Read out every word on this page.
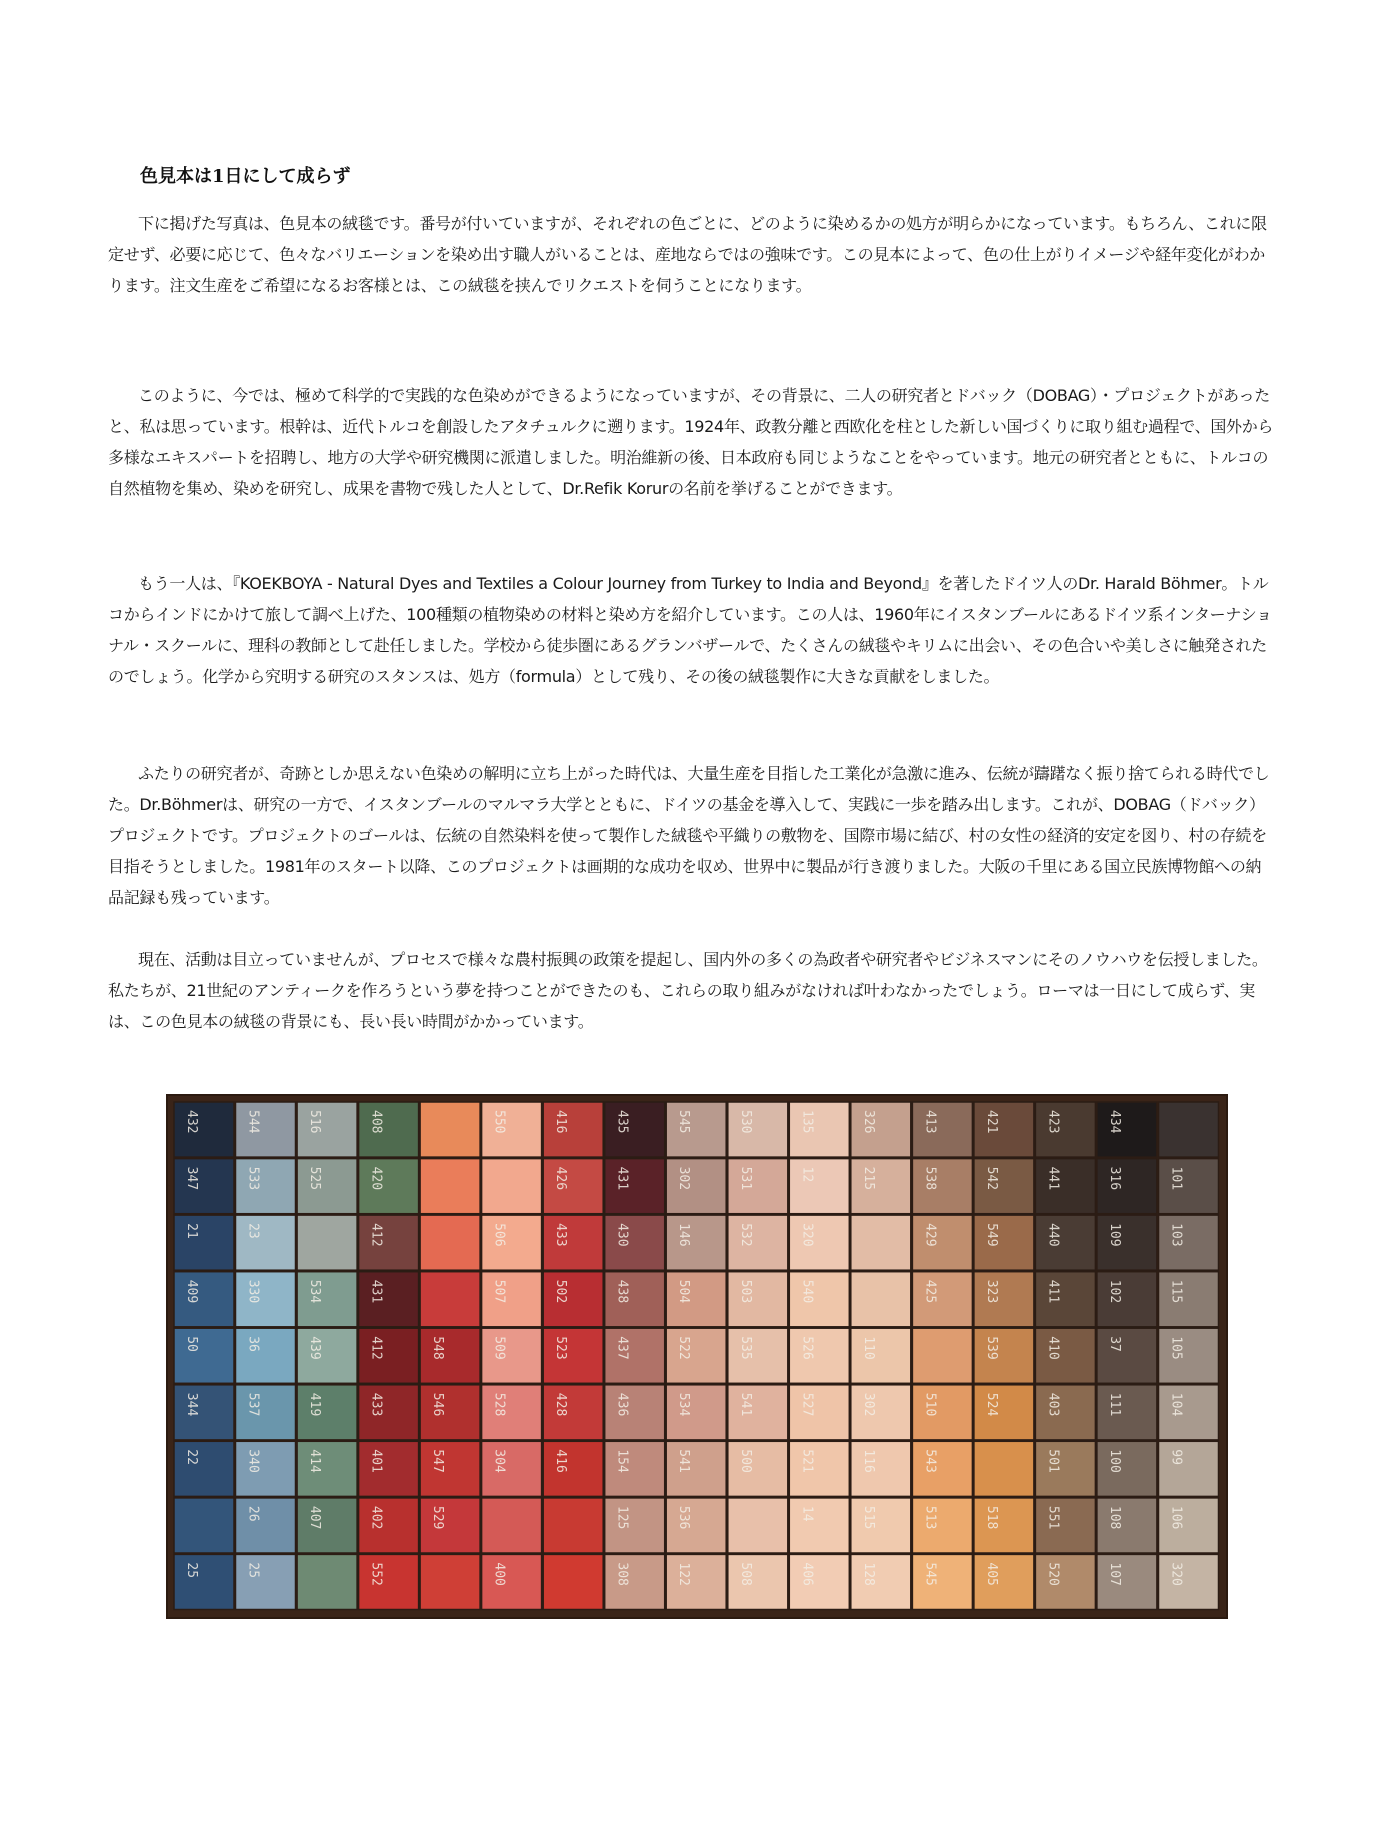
色見本は1日にして成らず

下に掲げた写真は、色見本の絨毯です。番号が付いていますが、それぞれの色ごとに、どのように染めるかの処方が明らかになっています。もちろん、これに限定せず、必要に応じて、色々なバリエーションを染め出す職人がいることは、産地ならではの強味です。この見本によって、色の仕上がりイメージや経年変化がわかります。注文生産をご希望になるお客様とは、この絨毯を挟んでリクエストを伺うことになります。

このように、今では、極めて科学的で実践的な色染めができるようになっていますが、その背景に、二人の研究者とドバック（DOBAG）・プロジェクトがあったと、私は思っています。根幹は、近代トルコを創設したアタチュルクに遡ります。1924年、政教分離と西欧化を柱とした新しい国づくりに取り組む過程で、国外から多様なエキスパートを招聘し、地方の大学や研究機関に派遣しました。明治維新の後、日本政府も同じようなことをやっています。地元の研究者とともに、トルコの自然植物を集め、染めを研究し、成果を書物で残した人として、Dr.Refik Korurの名前を挙げることができます。

もう一人は、『KOEKBOYA - Natural Dyes and Textiles a Colour Journey from Turkey to India and Beyond』を著したドイツ人のDr. Harald Böhmer。トルコからインドにかけて旅して調べ上げた、100種類の植物染めの材料と染め方を紹介しています。この人は、1960年にイスタンブールにあるドイツ系インターナショナル・スクールに、理科の教師として赴任しました。学校から徒歩圏にあるグランバザールで、たくさんの絨毯やキリムに出会い、その色合いや美しさに触発されたのでしょう。化学から究明する研究のスタンスは、処方（formula）として残り、その後の絨毯製作に大きな貢献をしました。

ふたりの研究者が、奇跡としか思えない色染めの解明に立ち上がった時代は、大量生産を目指した工業化が急激に進み、伝統が躊躇なく振り捨てられる時代でした。Dr.Böhmerは、研究の一方で、イスタンブールのマルマラ大学とともに、ドイツの基金を導入して、実践に一歩を踏み出します。これが、DOBAG（ドバック）プロジェクトです。プロジェクトのゴールは、伝統の自然染料を使って製作した絨毯や平織りの敷物を、国際市場に結び、村の女性の経済的安定を図り、村の存続を目指そうとしました。1981年のスタート以降、このプロジェクトは画期的な成功を収め、世界中に製品が行き渡りました。大阪の千里にある国立民族博物館への納品記録も残っています。

現在、活動は目立っていませんが、プロセスで様々な農村振興の政策を提起し、国内外の多くの為政者や研究者やビジネスマンにそのノウハウを伝授しました。私たちが、21世紀のアンティークを作ろうという夢を持つことができたのも、これらの取り組みがなければ叶わなかったでしょう。ローマは一日にして成らず、実は、この色見本の絨毯の背景にも、長い長い時間がかかっています。

432
347
21
409
50
344
22
25
544
533
23
330
36
537
340
26
25
516
525
534
439
419
414
407
408
420
412
431
412
433
401
402
552
548
546
547
529
550
506
507
509
528
304
400
416
426
433
502
523
428
416
435
431
430
438
437
436
154
125
308
545
302
146
504
522
534
541
536
122
530
531
532
503
535
541
500
508
135
12
320
540
526
527
521
14
406
326
215
110
302
116
515
128
413
538
429
425
510
543
513
545
421
542
549
323
539
524
518
405
423
441
440
411
410
403
501
551
520
434
316
109
102
37
111
100
108
107
101
103
115
105
104
99
106
320
